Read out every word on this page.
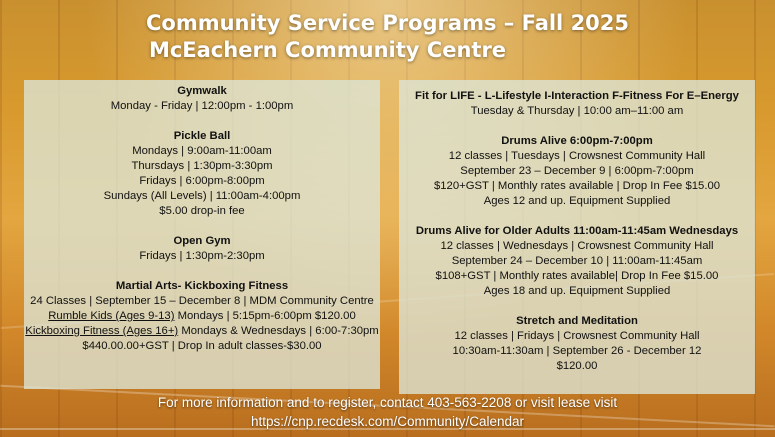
Community Service Programs – Fall 2025
McEachern Community Centre
Gymwalk
Monday - Friday | 12:00pm - 1:00pm
Pickle Ball
Mondays | 9:00am-11:00am
Thursdays | 1:30pm-3:30pm
Fridays | 6:00pm-8:00pm
Sundays (All Levels) | 11:00am-4:00pm
$5.00 drop-in fee
Open Gym
Fridays | 1:30pm-2:30pm
Martial Arts- Kickboxing Fitness
24 Classes | September 15 – December 8 | MDM Community Centre
Rumble Kids (Ages 9-13) Mondays | 5:15pm-6:00pm $120.00
Kickboxing Fitness (Ages 16+) Mondays & Wednesdays | 6:00-7:30pm
$440.00.00+GST | Drop In adult classes-$30.00
Fit for LIFE - L-Lifestyle I-Interaction F-Fitness For E–Energy
Tuesday & Thursday | 10:00 am–11:00 am
Drums Alive 6:00pm-7:00pm
12 classes | Tuesdays | Crowsnest Community Hall
September 23 – December 9 | 6:00pm-7:00pm
$120+GST | Monthly rates available | Drop In Fee $15.00
Ages 12 and up. Equipment Supplied
Drums Alive for Older Adults 11:00am-11:45am Wednesdays
12 classes | Wednesdays | Crowsnest Community Hall
September 24 – December 10 | 11:00am-11:45am
$108+GST | Monthly rates available| Drop In Fee $15.00
Ages 18 and up. Equipment Supplied
Stretch and Meditation
12 classes | Fridays | Crowsnest Community Hall
10:30am-11:30am | September 26 - December 12
$120.00
For more information and to register, contact 403-563-2208 or visit lease visit
https://cnp.recdesk.com/Community/Calendar
